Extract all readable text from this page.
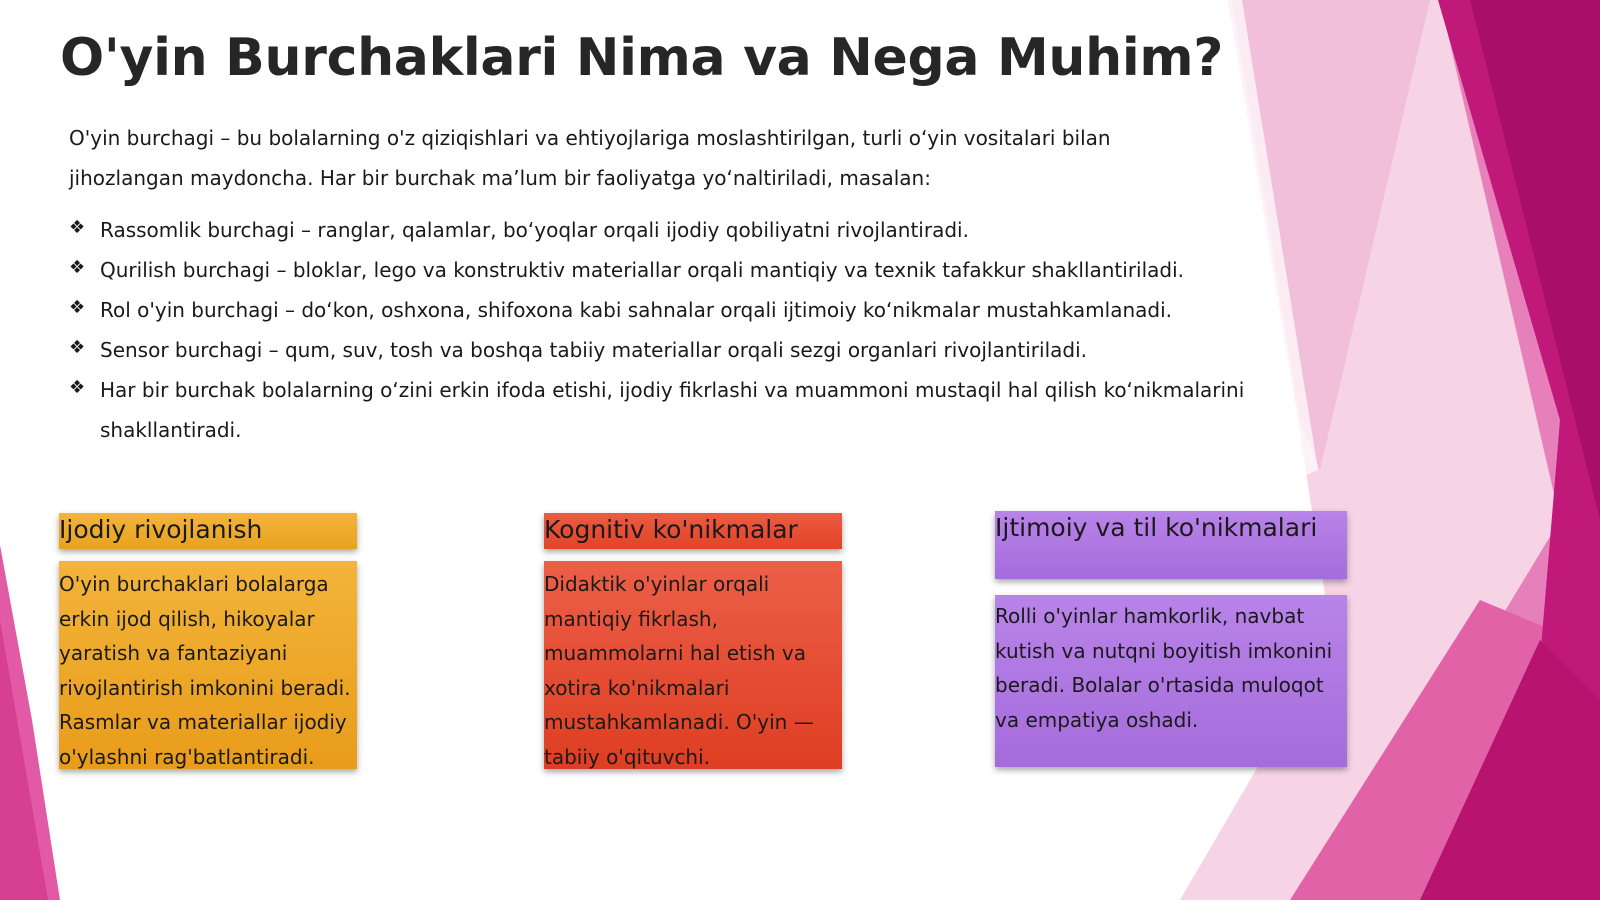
O'yin Burchaklari Nima va Nega Muhim?

O'yin burchagi – bu bolalarning o'z qiziqishlari va ehtiyojlariga moslashtirilgan, turli o‘yin vositalari bilan jihozlangan maydoncha. Har bir burchak ma’lum bir faoliyatga yo‘naltiriladi, masalan:

❖ Rassomlik burchagi – ranglar, qalamlar, bo‘yoqlar orqali ijodiy qobiliyatni rivojlantiradi.
❖ Qurilish burchagi – bloklar, lego va konstruktiv materiallar orqali mantiqiy va texnik tafakkur shakllantiriladi.
❖ Rol o'yin burchagi – do‘kon, oshxona, shifoxona kabi sahnalar orqali ijtimoiy ko‘nikmalar mustahkamlanadi.
❖ Sensor burchagi – qum, suv, tosh va boshqa tabiiy materiallar orqali sezgi organlari rivojlantiriladi.
❖ Har bir burchak bolalarning o‘zini erkin ifoda etishi, ijodiy fikrlashi va muammoni mustaqil hal qilish ko‘nikmalarini shakllantiradi.
Ijodiy rivojlanish
O'yin burchaklari bolalarga erkin ijod qilish, hikoyalar yaratish va fantaziyani rivojlantirish imkonini beradi. Rasmlar va materiallar ijodiy o'ylashni rag'batlantiradi.
Kognitiv ko'nikmalar
Didaktik o'yinlar orqali mantiqiy fikrlash, muammolarni hal etish va xotira ko'nikmalari mustahkamlanadi. O'yin — tabiiy o'qituvchi.
Ijtimoiy va til ko'nikmalari
Rolli o'yinlar hamkorlik, navbat kutish va nutqni boyitish imkonini beradi. Bolalar o'rtasida muloqot va empatiya oshadi.
